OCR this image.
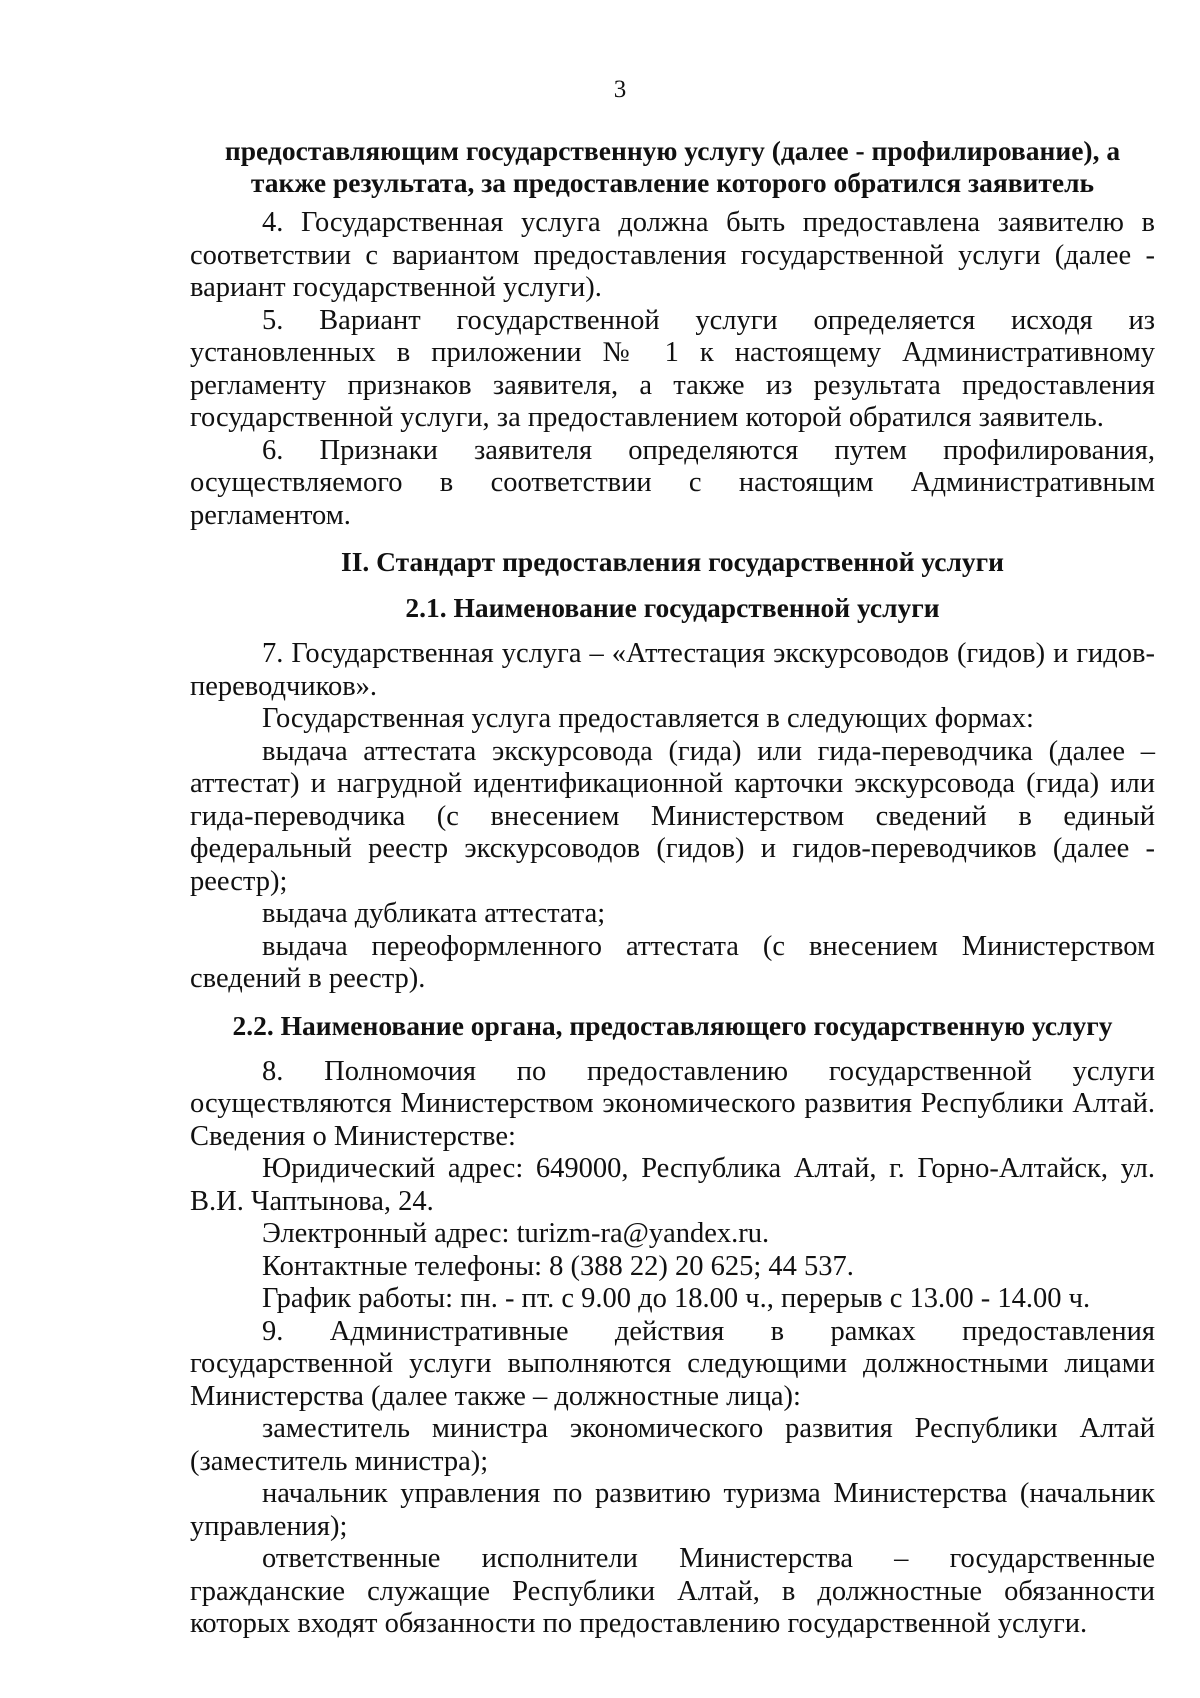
3
предоставляющим государственную услугу (далее - профилирование), а
также результата, за предоставление которого обратился заявитель

4. Государственная услуга должна быть предоставлена заявителю в соответствии с вариантом предоставления государственной услуги (далее - вариант государственной услуги).

5. Вариант государственной услуги определяется исходя из установленных в приложении № 1 к настоящему Административному регламенту признаков заявителя, а также из результата предоставления государственной услуги, за предоставлением которой обратился заявитель.

6. Признаки заявителя определяются путем профилирования, осуществляемого в соответствии с настоящим Административным регламентом.

II. Стандарт предоставления государственной услуги
2.1. Наименование государственной услуги

7. Государственная услуга – «Аттестация экскурсоводов (гидов) и гидов-переводчиков».

Государственная услуга предоставляется в следующих формах:

выдача аттестата экскурсовода (гида) или гида-переводчика (далее – аттестат) и нагрудной идентификационной карточки экскурсовода (гида) или гида-переводчика (с внесением Министерством сведений в единый федеральный реестр экскурсоводов (гидов) и гидов-переводчиков (далее - реестр);

выдача дубликата аттестата;

выдача переоформленного аттестата (с внесением Министерством сведений в реестр).

2.2. Наименование органа, предоставляющего государственную услугу

8. Полномочия по предоставлению государственной услуги осуществляются Министерством экономического развития Республики Алтай. Сведения о Министерстве:

Юридический адрес: 649000, Республика Алтай, г. Горно-Алтайск, ул. В.И. Чаптынова, 24.

Электронный адрес: turizm-ra@yandex.ru.

Контактные телефоны: 8 (388 22) 20 625; 44 537.

График работы: пн. - пт. с 9.00 до 18.00 ч., перерыв с 13.00 - 14.00 ч.

9. Административные действия в рамках предоставления государственной услуги выполняются следующими должностными лицами Министерства (далее также – должностные лица):

заместитель министра экономического развития Республики Алтай (заместитель министра);

начальник управления по развитию туризма Министерства (начальник управления);

ответственные исполнители Министерства – государственные гражданские служащие Республики Алтай, в должностные обязанности которых входят обязанности по предоставлению государственной услуги.
